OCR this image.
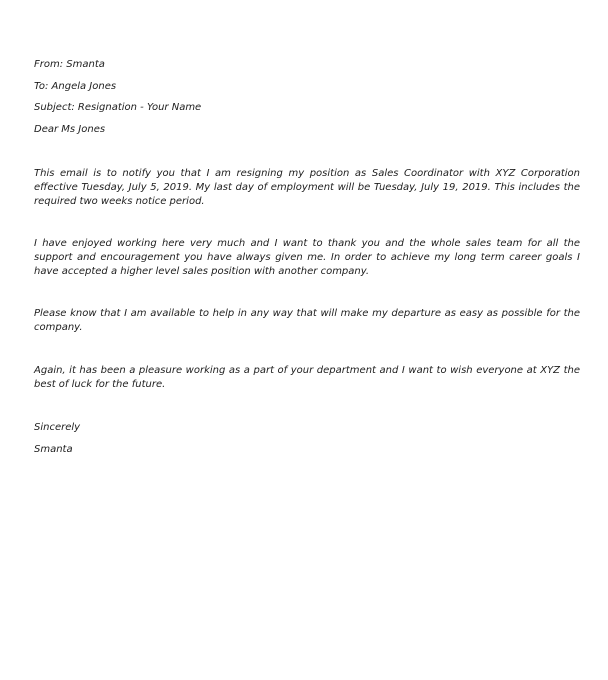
From: Smanta
To: Angela Jones
Subject: Resignation - Your Name
Dear Ms Jones
This email is to notify you that I am resigning my position as Sales Coordinator with XYZ Corporation effective Tuesday, July 5, 2019. My last day of employment will be Tuesday, July 19, 2019. This includes the required two weeks notice period.
I have enjoyed working here very much and I want to thank you and the whole sales team for all the support and encouragement you have always given me. In order to achieve my long term career goals I have accepted a higher level sales position with another company.
Please know that I am available to help in any way that will make my departure as easy as possible for the company.
Again, it has been a pleasure working as a part of your department and I want to wish everyone at XYZ the best of luck for the future.
Sincerely
Smanta
